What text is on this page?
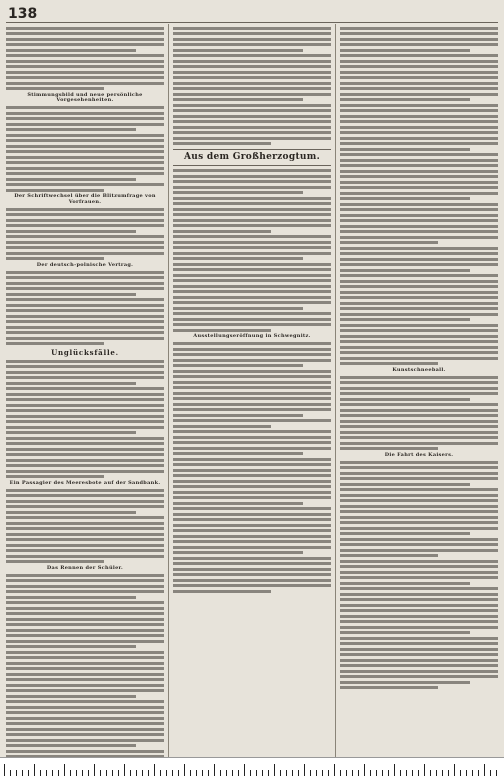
138
Stimmungsbild und neue persönliche Vorgesehenheiten.
Der Schriftwechsel über die Blitzumfrage von Vorfrauen.
Der deutsch-polnische Vertrag.
Unglücksfälle.
Ein Passagier des Meeresbote auf der Sandbank.
Das Rennen der Schüler.
Aus dem Großherzogtum.
Ausstellungseröffnung in Schwegnitz.
Kunstschneeball.
Die Fahrt des Kaisers.
